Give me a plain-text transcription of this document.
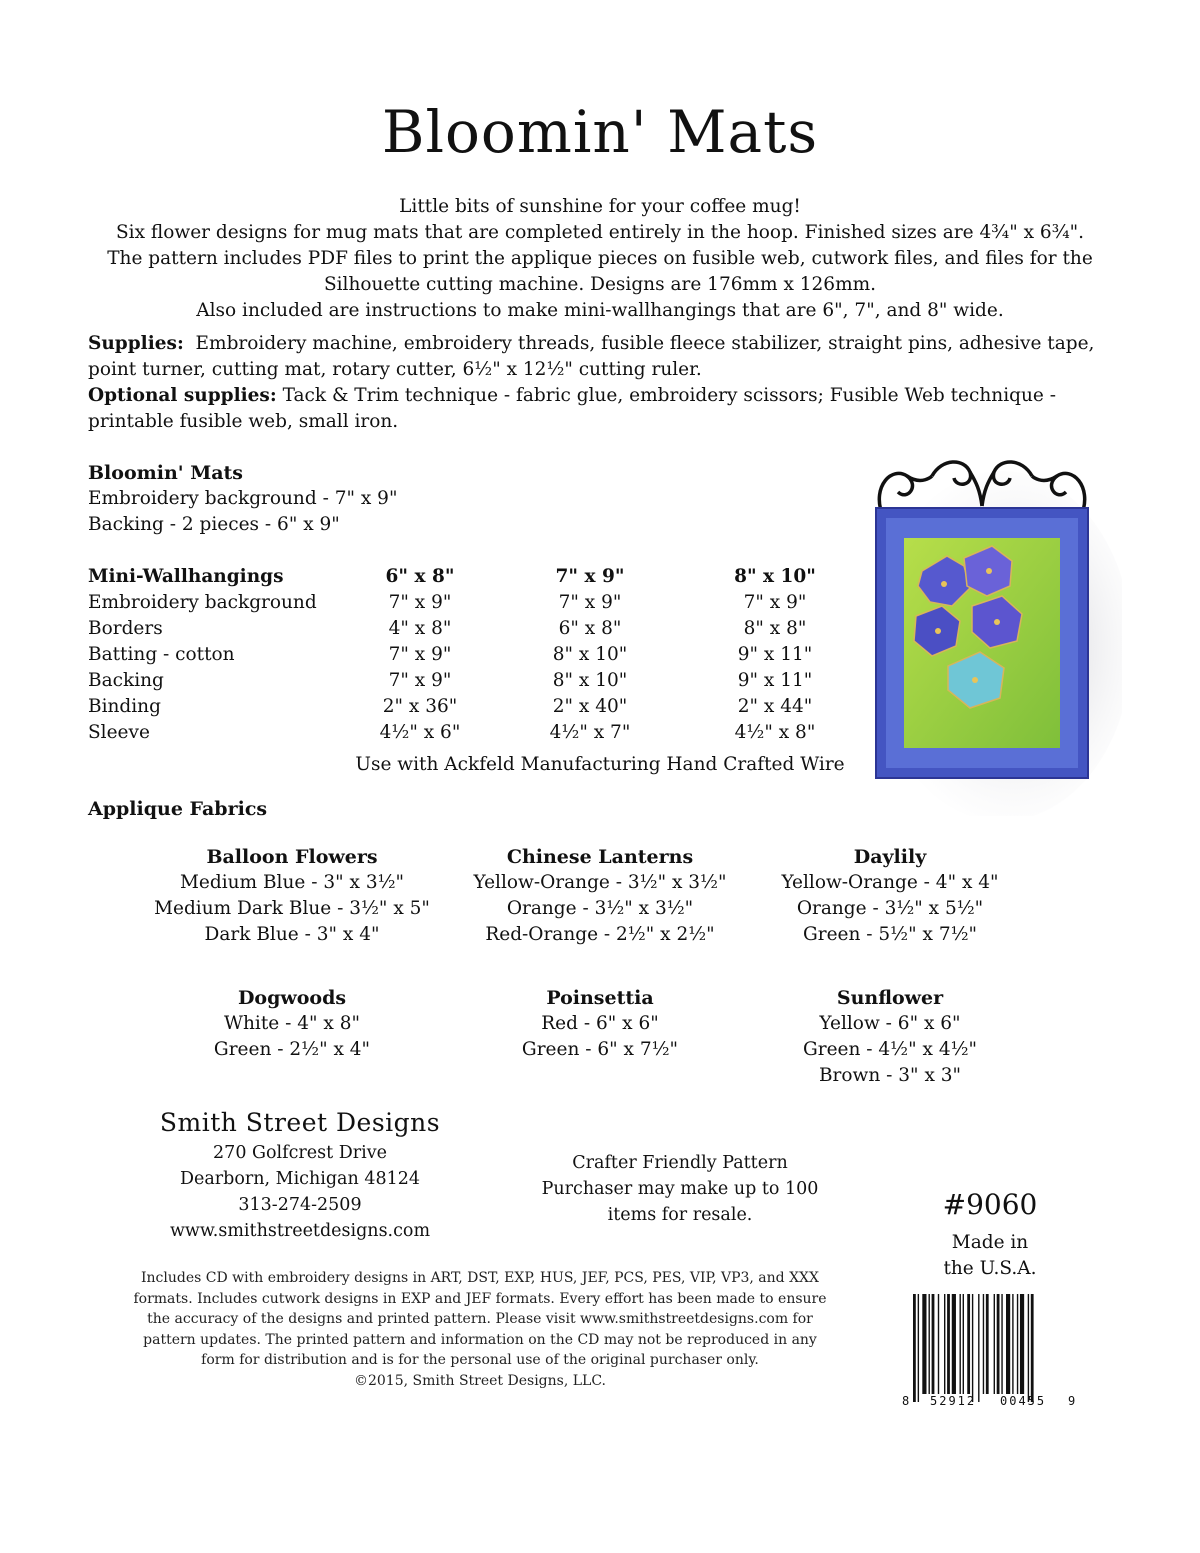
Bloomin' Mats
Little bits of sunshine for your coffee mug!
Six flower designs for mug mats that are completed entirely in the hoop. Finished sizes are 4¾" x 6¾".
The pattern includes PDF files to print the applique pieces on fusible web, cutwork files, and files for the
Silhouette cutting machine. Designs are 176mm x 126mm.
Also included are instructions to make mini-wallhangings that are 6", 7", and 8" wide.
Supplies: Embroidery machine, embroidery threads, fusible fleece stabilizer, straight pins, adhesive tape, point turner, cutting mat, rotary cutter, 6½" x 12½" cutting ruler.
Optional supplies: Tack & Trim technique - fabric glue, embroidery scissors; Fusible Web technique - printable fusible web, small iron.
Bloomin' Mats
Embroidery background - 7" x 9"
Backing - 2 pieces - 6" x 9"
Mini-Wallhangings	6" x 8"	7" x 9"	8" x 10"
Embroidery background	7" x 9"	7" x 9"	7" x 9"
Borders	4" x 8"	6" x 8"	8" x 8"
Batting - cotton	7" x 9"	8" x 10"	9" x 11"
Backing	7" x 9"	8" x 10"	9" x 11"
Binding	2" x 36"	2" x 40"	2" x 44"
Sleeve	4½" x 6"	4½" x 7"	4½" x 8"
Use with Ackfeld Manufacturing Hand Crafted Wire
Applique Fabrics
Balloon Flowers
Medium Blue - 3" x 3½"
Medium Dark Blue - 3½" x 5"
Dark Blue - 3" x 4"
Chinese Lanterns
Yellow-Orange - 3½" x 3½"
Orange - 3½" x 3½"
Red-Orange - 2½" x 2½"
Daylily
Yellow-Orange - 4" x 4"
Orange - 3½" x 5½"
Green - 5½" x 7½"
Dogwoods
White - 4" x 8"
Green - 2½" x 4"
Poinsettia
Red - 6" x 6"
Green - 6" x 7½"
Sunflower
Yellow - 6" x 6"
Green - 4½" x 4½"
Brown - 3" x 3"
Smith Street Designs
270 Golfcrest Drive
Dearborn, Michigan 48124
313-274-2509
www.smithstreetdesigns.com
Crafter Friendly Pattern
Purchaser may make up to 100
items for resale.	#9060
Made in
the U.S.A.
8 52912 00455 9
Includes CD with embroidery designs in ART, DST, EXP, HUS, JEF, PCS, PES, VIP, VP3, and XXX
formats. Includes cutwork designs in EXP and JEF formats. Every effort has been made to ensure
the accuracy of the designs and printed pattern. Please visit www.smithstreetdesigns.com for
pattern updates. The printed pattern and information on the CD may not be reproduced in any
form for distribution and is for the personal use of the original purchaser only.
©2015, Smith Street Designs, LLC.
